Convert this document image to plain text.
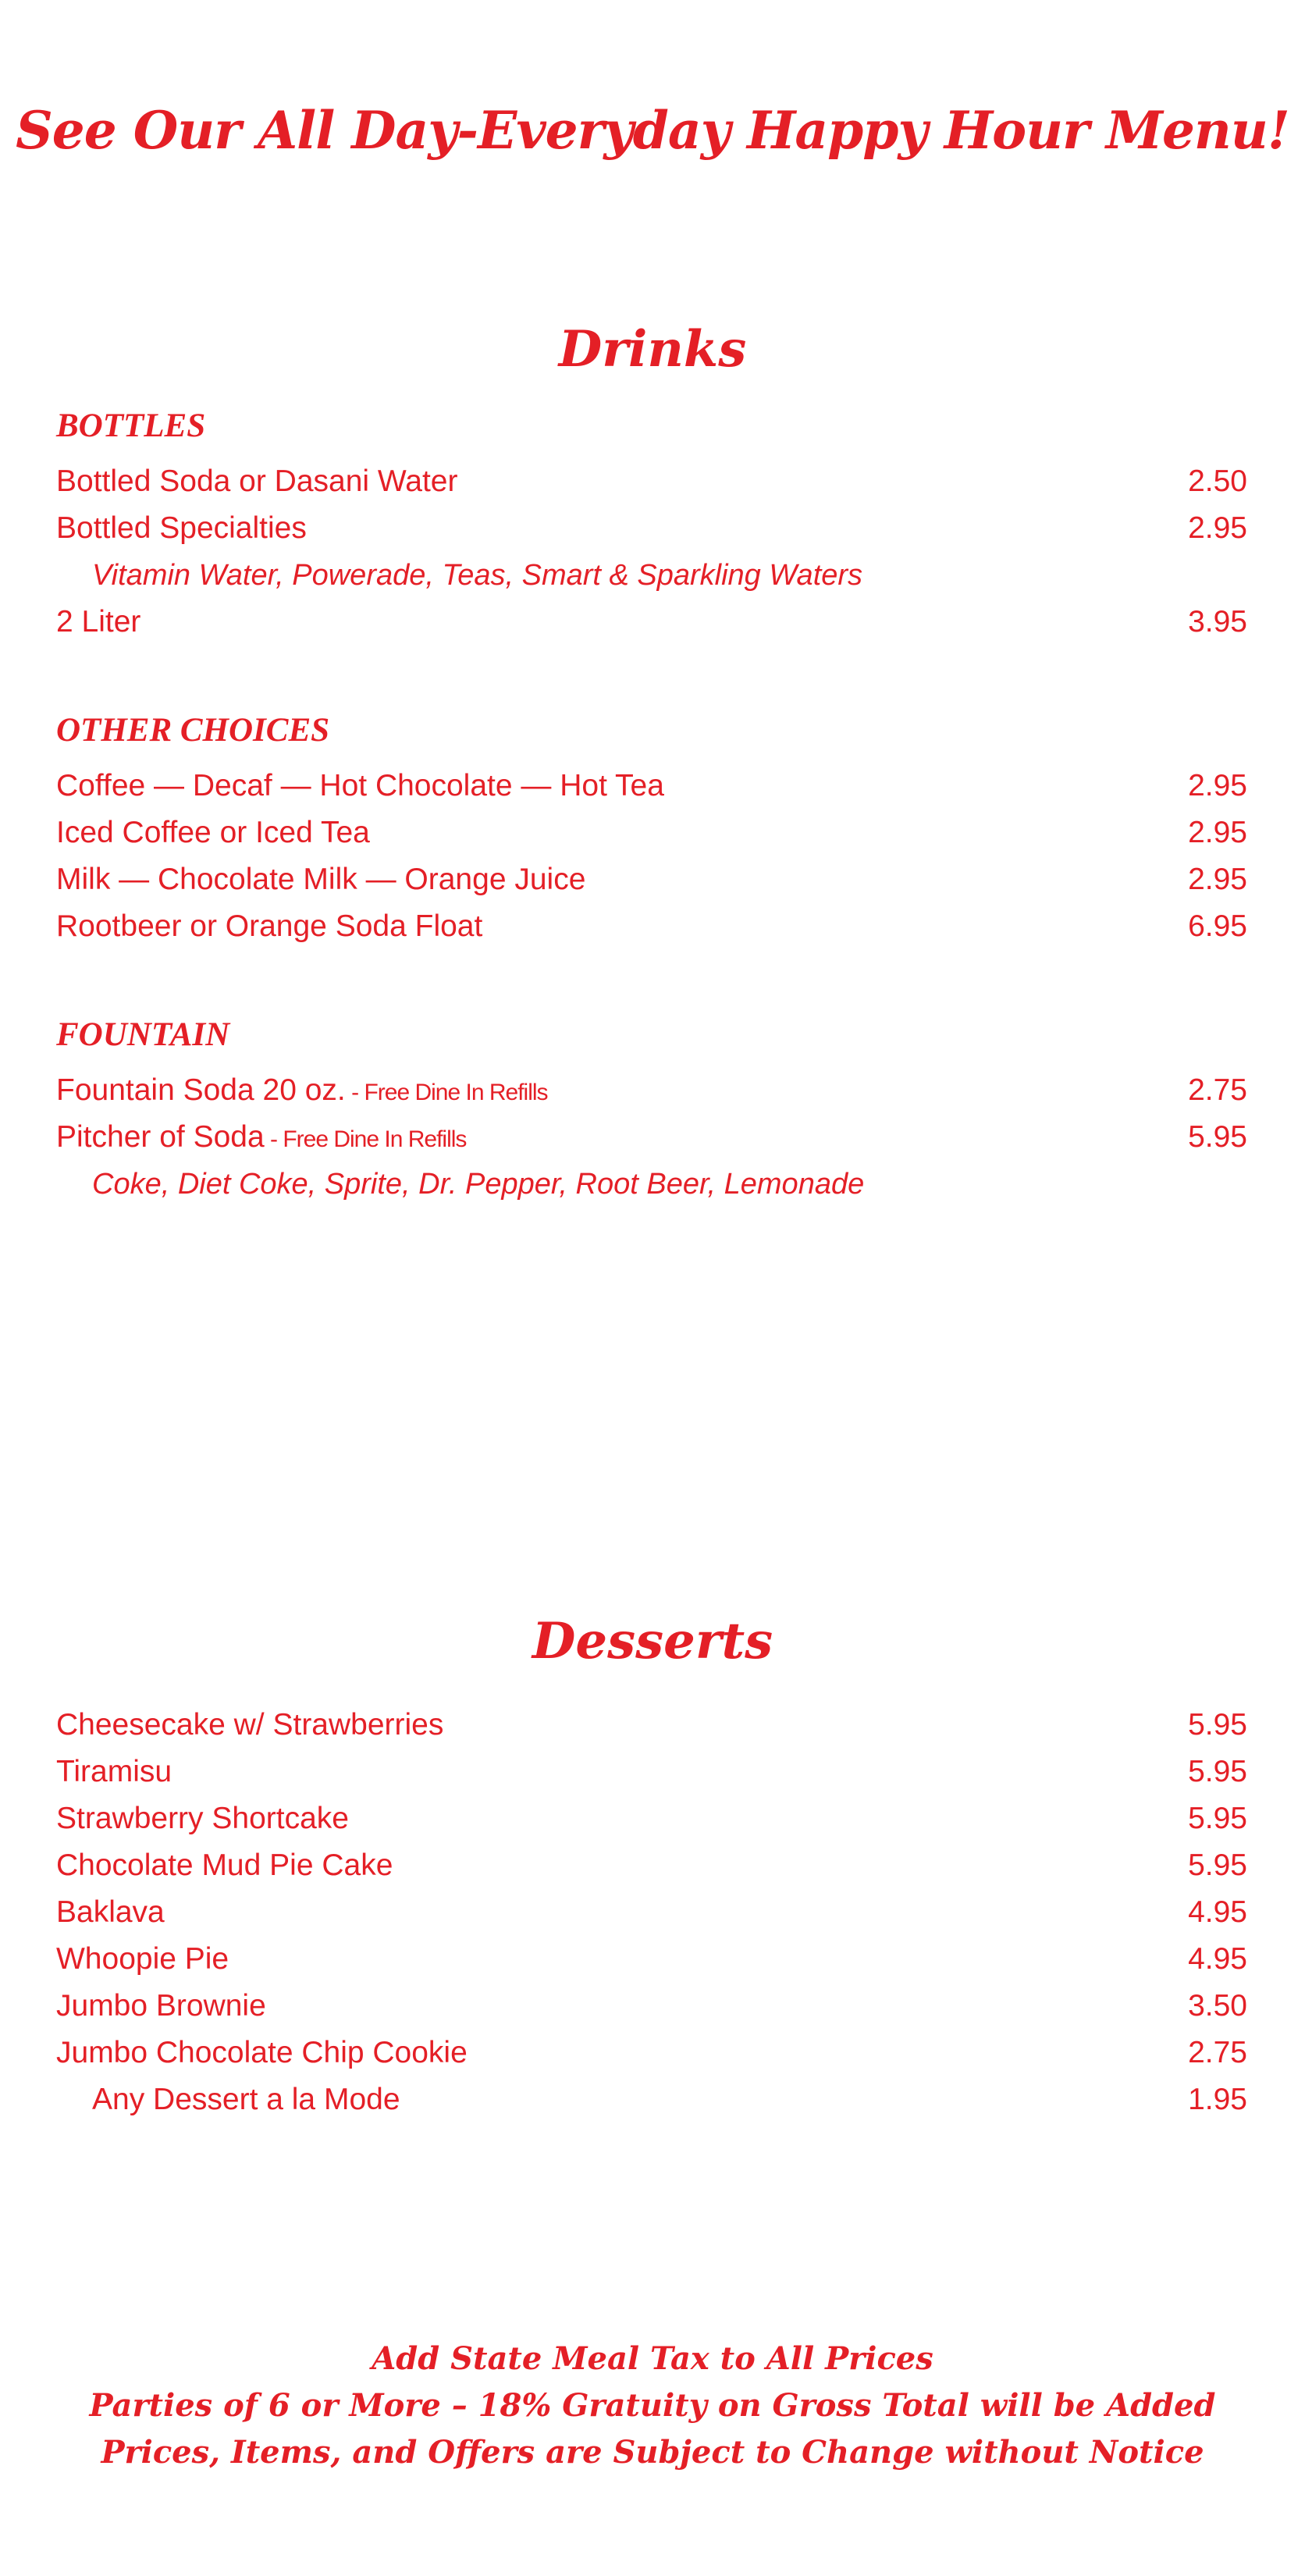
See Our All Day-Everyday Happy Hour Menu!
Drinks
BOTTLES
Bottled Soda or Dasani Water	2.50
Bottled Specialties	2.95
Vitamin Water, Powerade, Teas, Smart & Sparkling Waters
2 Liter	3.95
OTHER CHOICES
Coffee — Decaf — Hot Chocolate — Hot Tea	2.95
Iced Coffee or Iced Tea	2.95
Milk — Chocolate Milk — Orange Juice	2.95
Rootbeer or Orange Soda Float	6.95
FOUNTAIN
Fountain Soda 20 oz. - Free Dine In Refills	2.75
Pitcher of Soda - Free Dine In Refills	5.95
Coke, Diet Coke, Sprite, Dr. Pepper, Root Beer, Lemonade
Desserts
Cheesecake w/ Strawberries	5.95
Tiramisu	5.95
Strawberry Shortcake	5.95
Chocolate Mud Pie Cake	5.95
Baklava	4.95
Whoopie Pie	4.95
Jumbo Brownie	3.50
Jumbo Chocolate Chip Cookie	2.75
Any Dessert a la Mode	1.95
Add State Meal Tax to All Prices
Parties of 6 or More – 18% Gratuity on Gross Total will be Added
Prices, Items, and Offers are Subject to Change without Notice
